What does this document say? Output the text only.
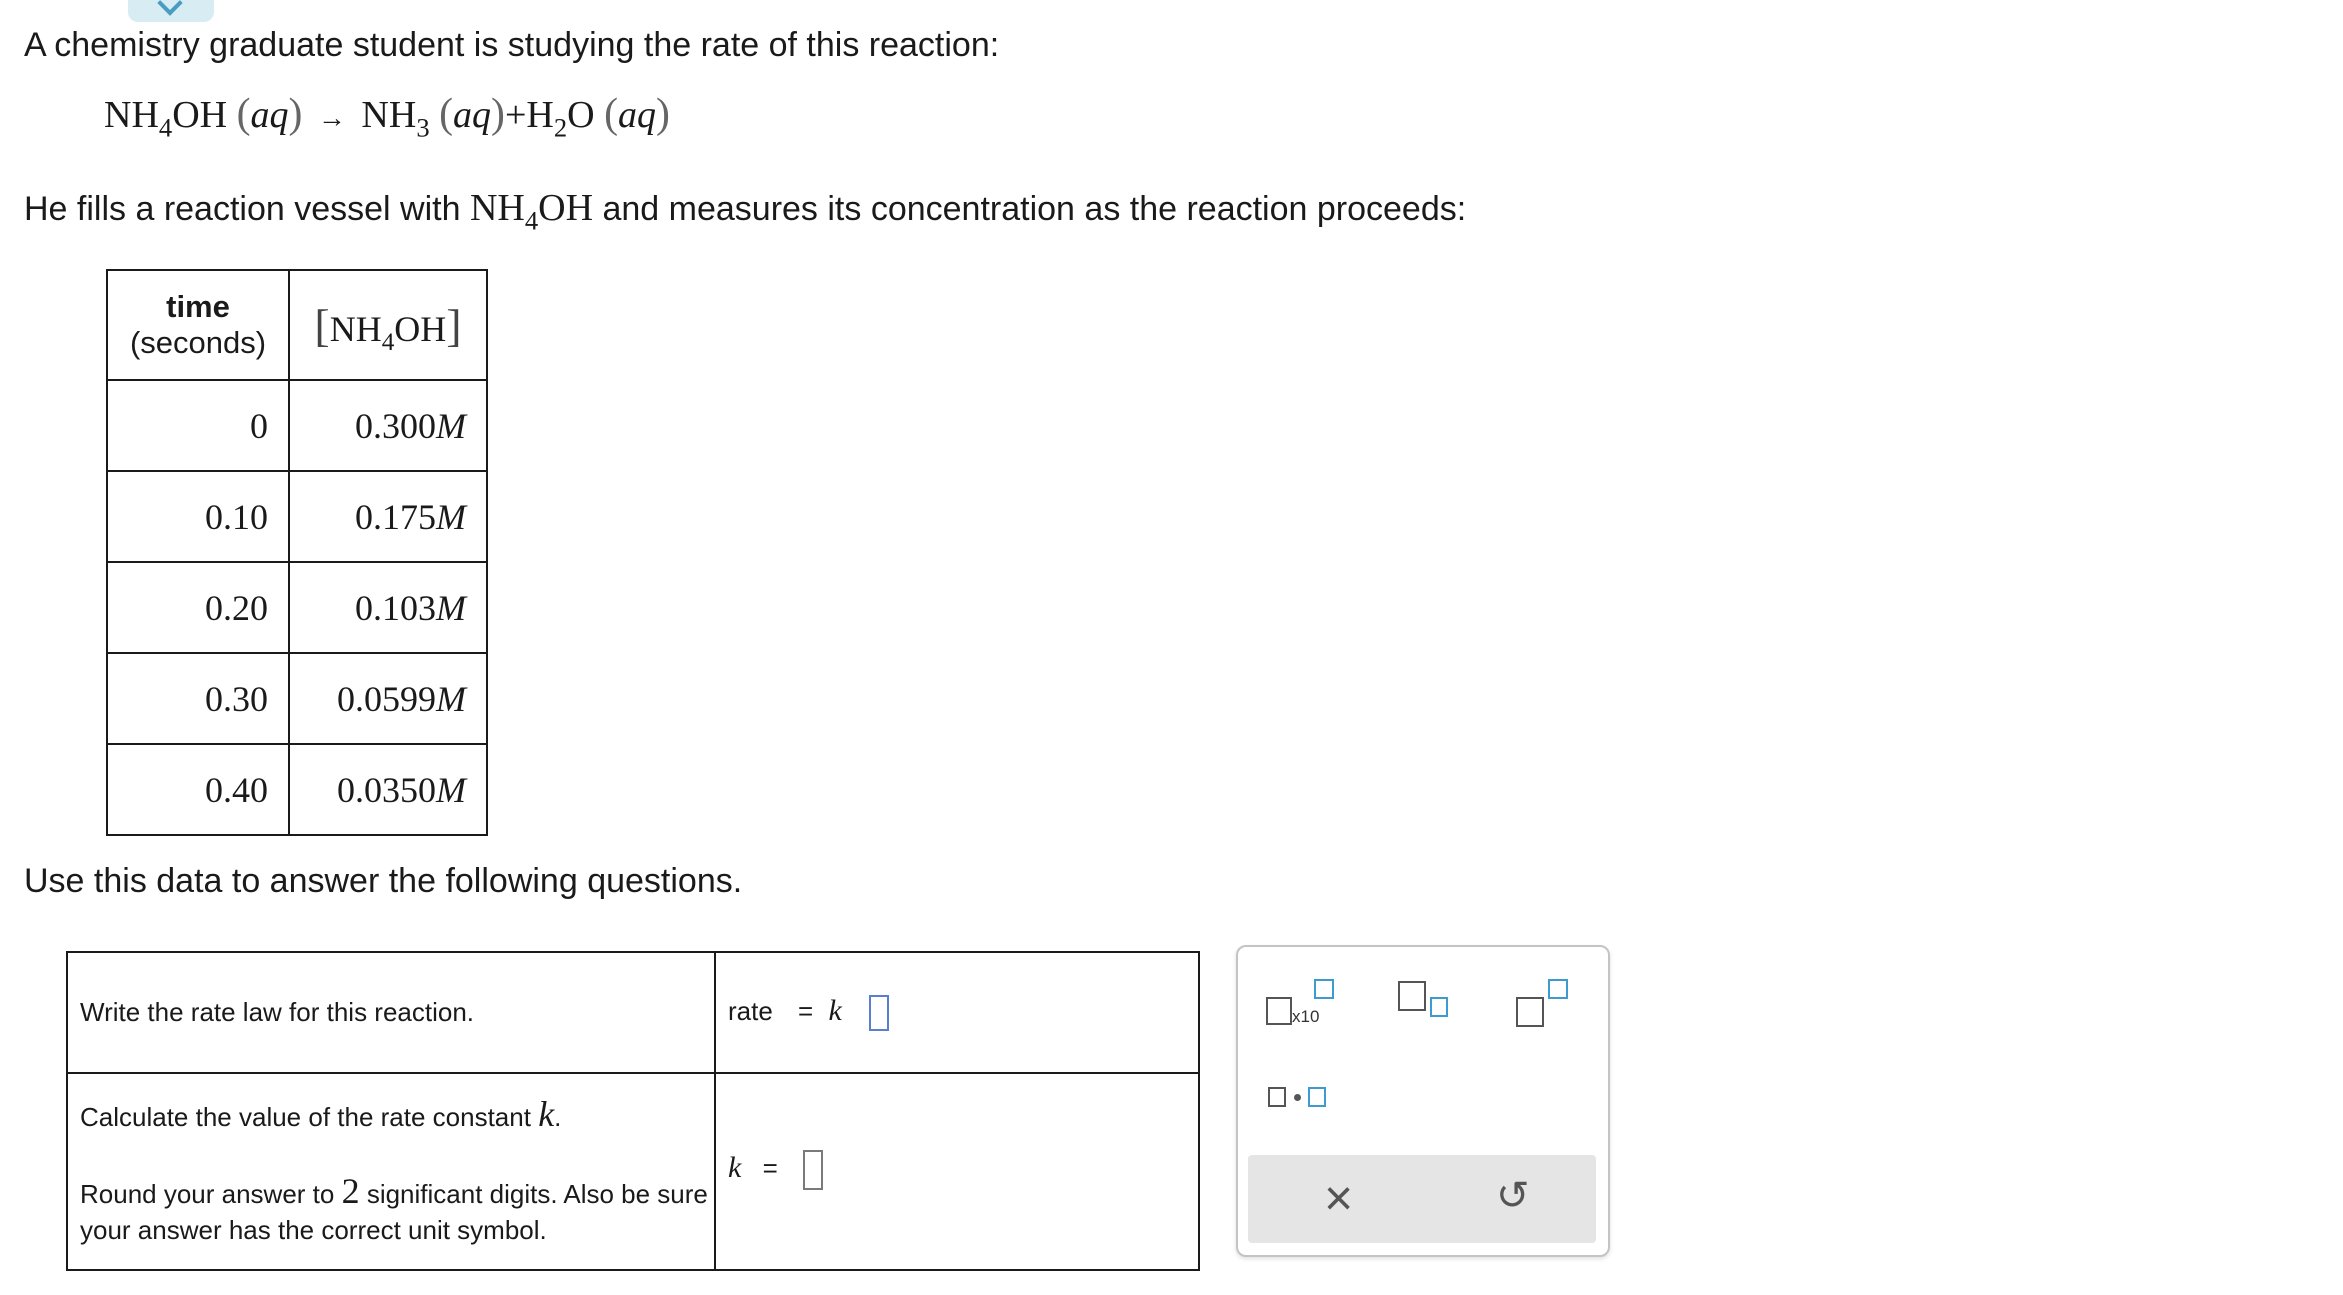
A chemistry graduate student is studying the rate of this reaction:
$NH_4OH$ $(aq) \to NH_3$ $(aq)+H_2O$ (aq)
He fills a reaction vessel with $NH_4OH$ and measures its concentration as the reaction proceeds:
time
(seconds)	$[NH_4OH]$
0	0.300M
0.10	0.175M
0.20	0.103M
0.30	0.0599M
0.40	0.0350M
Use this data to answer the following questions.
Write the rate law for this reaction.	rate = k

Calculate the value of the rate constant k.
Round your answer to 2 significant digits. Also be sure your answer has the correct unit symbol.	k =
x10
×	↺
